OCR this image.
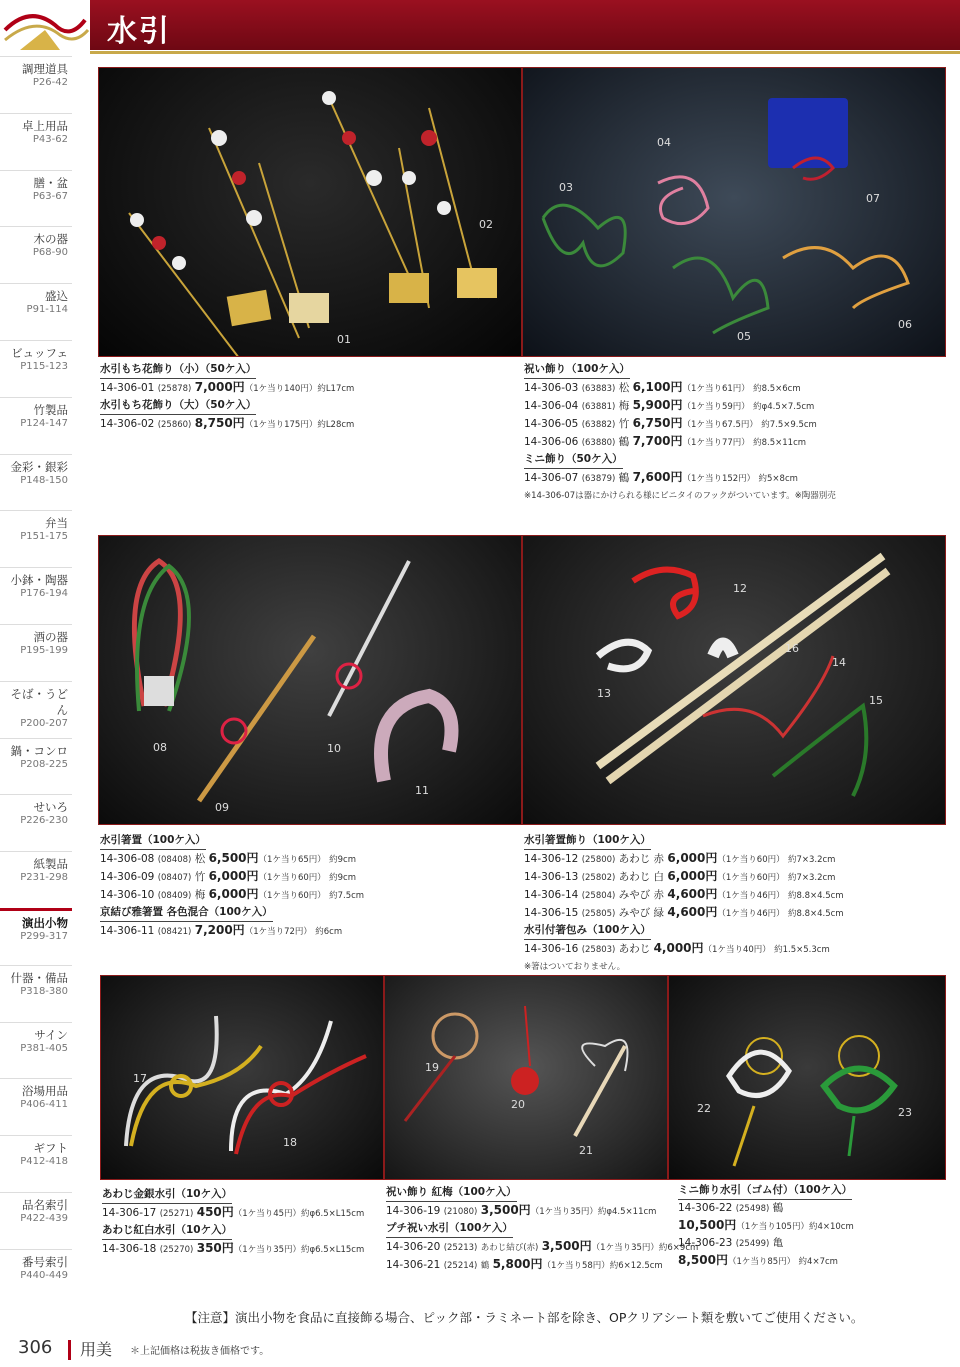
水引
調理道具
P26-42
卓上用品
P43-62
膳・盆
P63-67
木の器
P68-90
盛込
P91-114
ビュッフェ
P115-123
竹製品
P124-147
金彩・銀彩
P148-150
弁当
P151-175
小鉢・陶器
P176-194
酒の器
P195-199
そば・うどん
P200-207
鍋・コンロ
P208-225
せいろ
P226-230
紙製品
P231-298
演出小物
P299-317
什器・備品
P318-380
サイン
P381-405
浴場用品
P406-411
ギフト
P412-418
品名索引
P422-439
番号索引
P440-449
01
02
03
04
05
06
07
水引もち花飾り（小）（50ケ入）
14-306-01 (25878) 7,000円（1ケ当り140円）約L17cm
水引もち花飾り（大）（50ケ入）
14-306-02 (25860) 8,750円（1ケ当り175円）約L28cm
祝い飾り（100ケ入）
14-306-03 (63883) 松 6,100円（1ケ当り61円） 約8.5×6cm
14-306-04 (63881) 梅 5,900円（1ケ当り59円） 約φ4.5×7.5cm
14-306-05 (63882) 竹 6,750円（1ケ当り67.5円） 約7.5×9.5cm
14-306-06 (63880) 鶴 7,700円（1ケ当り77円） 約8.5×11cm
ミニ飾り（50ケ入）
14-306-07 (63879) 鶴 7,600円（1ケ当り152円） 約5×8cm
※14-306-07は器にかけられる様にビニタイのフックがついています。※陶器別売
08
09
10
11
12
13
14
15
16
水引箸置（100ケ入）
14-306-08 (08408) 松 6,500円（1ケ当り65円） 約9cm
14-306-09 (08407) 竹 6,000円（1ケ当り60円） 約9cm
14-306-10 (08409) 梅 6,000円（1ケ当り60円） 約7.5cm
京結び雅箸置 各色混合（100ケ入）
14-306-11 (08421) 7,200円（1ケ当り72円） 約6cm
水引箸置飾り（100ケ入）
14-306-12 (25800) あわじ 赤 6,000円（1ケ当り60円） 約7×3.2cm
14-306-13 (25802) あわじ 白 6,000円（1ケ当り60円） 約7×3.2cm
14-306-14 (25804) みやび 赤 4,600円（1ケ当り46円） 約8.8×4.5cm
14-306-15 (25805) みやび 緑 4,600円（1ケ当り46円） 約8.8×4.5cm
水引付箸包み（100ケ入）
14-306-16 (25803) あわじ 4,000円（1ケ当り40円） 約1.5×5.3cm
※箸はついておりません。
17
18
19
20
21
22	23
あわじ金銀水引（10ケ入）
14-306-17 (25271) 450円（1ケ当り45円）約φ6.5×L15cm
あわじ紅白水引（10ケ入）
14-306-18 (25270) 350円（1ケ当り35円）約φ6.5×L15cm
祝い飾り 紅梅（100ケ入）
14-306-19 (21080) 3,500円（1ケ当り35円）約φ4.5×11cm
プチ祝い水引（100ケ入）
14-306-20 (25213) あわじ結び(赤) 3,500円（1ケ当り35円）約6×9cm
14-306-21 (25214) 鶴 5,800円（1ケ当り58円）約6×12.5cm
ミニ飾り水引（ゴム付）（100ケ入）
14-306-22 (25498) 鶴
10,500円（1ケ当り105円）約4×10cm
14-306-23 (25499) 亀
8,500円（1ケ当り85円） 約4×7cm
【注意】演出小物を食品に直接飾る場合、ピック部・ラミネート部を除き、OPクリアシート類を敷いてご使用ください。
306 用美 ＊上記価格は税抜き価格です。
